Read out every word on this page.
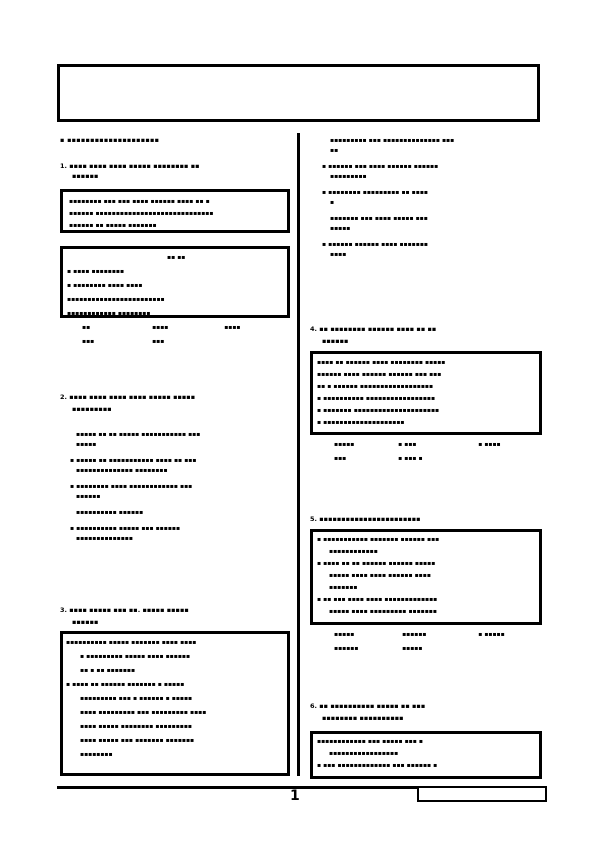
1
▪ ▪▪▪▪▪▪▪▪▪▪▪▪▪▪▪▪▪▪▪▪
1. ▪▪▪▪ ▪▪▪▪ ▪▪▪▪ ▪▪▪▪▪ ▪▪▪▪▪▪▪▪ ▪▪
▪▪▪▪▪▪
▪▪▪▪▪▪▪▪ ▪▪▪ ▪▪▪ ▪▪▪▪ ▪▪▪▪▪▪ ▪▪▪▪ ▪▪ ▪
▪▪▪▪▪▪ ▪▪▪▪▪▪▪▪▪▪▪▪▪▪▪▪▪▪▪▪▪▪▪▪▪▪▪▪▪
▪▪▪▪▪▪ ▪▪ ▪▪▪▪▪ ▪▪▪▪▪▪▪
▪▪ ▪▪
▪ ▪▪▪▪ ▪▪▪▪▪▪▪▪
▪ ▪▪▪▪▪▪▪▪ ▪▪▪▪ ▪▪▪▪
▪▪▪▪▪▪▪▪▪▪▪▪▪▪▪▪▪▪▪▪▪▪▪▪
▪▪▪▪▪▪▪▪▪▪▪▪ ▪▪▪▪▪▪▪▪
▪▪	▪▪▪▪	▪▪▪▪
▪▪▪	▪▪▪
2. ▪▪▪▪ ▪▪▪▪ ▪▪▪▪ ▪▪▪▪ ▪▪▪▪▪ ▪▪▪▪▪
▪▪▪▪▪▪▪▪▪
▪▪▪▪▪ ▪▪ ▪▪ ▪▪▪▪▪ ▪▪▪▪▪▪▪▪▪▪▪ ▪▪▪
▪▪▪▪▪
▪ ▪▪▪▪▪ ▪▪ ▪▪▪▪▪▪▪▪▪▪▪ ▪▪▪▪ ▪▪ ▪▪▪
▪▪▪▪▪▪▪▪▪▪▪▪▪▪ ▪▪▪▪▪▪▪▪
▪ ▪▪▪▪▪▪▪▪ ▪▪▪▪ ▪▪▪▪▪▪▪▪▪▪▪▪ ▪▪▪
▪▪▪▪▪▪
▪▪▪▪▪▪▪▪▪▪ ▪▪▪▪▪▪
▪ ▪▪▪▪▪▪▪▪▪▪ ▪▪▪▪▪ ▪▪▪ ▪▪▪▪▪▪
▪▪▪▪▪▪▪▪▪▪▪▪▪▪
3. ▪▪▪▪ ▪▪▪▪▪ ▪▪▪ ▪▪. ▪▪▪▪▪ ▪▪▪▪▪
▪▪▪▪▪▪
▪▪▪▪▪▪▪▪▪▪ ▪▪▪▪▪ ▪▪▪▪▪▪▪ ▪▪▪▪ ▪▪▪▪
▪ ▪▪▪▪▪▪▪▪▪ ▪▪▪▪▪ ▪▪▪▪ ▪▪▪▪▪▪
▪▪ ▪ ▪▪ ▪▪▪▪▪▪▪
▪ ▪▪▪▪ ▪▪ ▪▪▪▪▪▪ ▪▪▪▪▪▪▪ ▪ ▪▪▪▪▪
▪▪▪▪▪▪▪▪▪ ▪▪▪ ▪ ▪▪▪▪▪▪ ▪ ▪▪▪▪▪
▪▪▪▪ ▪▪▪▪▪▪▪▪▪ ▪▪▪ ▪▪▪▪▪▪▪▪▪ ▪▪▪▪
▪▪▪▪ ▪▪▪▪▪ ▪▪▪▪▪▪▪▪ ▪▪▪▪▪▪▪▪▪
▪▪▪▪ ▪▪▪▪▪ ▪▪▪ ▪▪▪▪▪▪▪ ▪▪▪▪▪▪▪
▪▪▪▪▪▪▪▪
▪▪▪▪▪▪▪▪▪ ▪▪▪ ▪▪▪▪▪▪▪▪▪▪▪▪▪▪ ▪▪▪
▪▪
▪ ▪▪▪▪▪▪ ▪▪▪ ▪▪▪▪ ▪▪▪▪▪▪ ▪▪▪▪▪▪
▪▪▪▪▪▪▪▪▪
▪ ▪▪▪▪▪▪▪▪ ▪▪▪▪▪▪▪▪▪ ▪▪ ▪▪▪▪
▪
▪▪▪▪▪▪▪ ▪▪▪ ▪▪▪▪ ▪▪▪▪▪ ▪▪▪
▪▪▪▪▪
▪ ▪▪▪▪▪▪ ▪▪▪▪▪▪ ▪▪▪▪ ▪▪▪▪▪▪▪
▪▪▪▪
4. ▪▪ ▪▪▪▪▪▪▪▪ ▪▪▪▪▪▪ ▪▪▪▪ ▪▪ ▪▪
▪▪▪▪▪▪
▪▪▪▪ ▪▪ ▪▪▪▪▪▪ ▪▪▪▪ ▪▪▪▪▪▪▪▪ ▪▪▪▪▪
▪▪▪▪▪▪ ▪▪▪▪ ▪▪▪▪▪▪ ▪▪▪▪▪▪ ▪▪▪ ▪▪▪
▪▪ ▪ ▪▪▪▪▪▪ ▪▪▪▪▪▪▪▪▪▪▪▪▪▪▪▪▪▪
▪ ▪▪▪▪▪▪▪▪▪▪ ▪▪▪▪▪▪▪▪▪▪▪▪▪▪▪▪▪
▪ ▪▪▪▪▪▪▪ ▪▪▪▪▪▪▪▪▪▪▪▪▪▪▪▪▪▪▪▪▪
▪ ▪▪▪▪▪▪▪▪▪▪▪▪▪▪▪▪▪▪▪▪
▪▪▪▪▪	▪ ▪▪▪	▪ ▪▪▪▪
▪▪▪	▪ ▪▪▪ ▪
5. ▪▪▪▪▪▪▪▪▪▪▪▪▪▪▪▪▪▪▪▪▪▪▪
▪ ▪▪▪▪▪▪▪▪▪▪▪ ▪▪▪▪▪▪▪ ▪▪▪▪▪▪ ▪▪▪
▪▪▪▪▪▪▪▪▪▪▪▪
▪ ▪▪▪▪ ▪▪ ▪▪ ▪▪▪▪▪▪ ▪▪▪▪▪▪ ▪▪▪▪▪
▪▪▪▪▪ ▪▪▪▪ ▪▪▪▪ ▪▪▪▪▪▪ ▪▪▪▪
▪▪▪▪▪▪▪
▪ ▪▪ ▪▪▪ ▪▪▪▪ ▪▪▪▪ ▪▪▪▪▪▪▪▪▪▪▪▪▪
▪▪▪▪▪ ▪▪▪▪ ▪▪▪▪▪▪▪▪▪ ▪▪▪▪▪▪▪
▪▪▪▪▪	▪▪▪▪▪▪	▪ ▪▪▪▪▪
▪▪▪▪▪▪	▪▪▪▪▪
6. ▪▪ ▪▪▪▪▪▪▪▪▪▪ ▪▪▪▪▪ ▪▪ ▪▪▪
▪▪▪▪▪▪▪▪ ▪▪▪▪▪▪▪▪▪▪
▪▪▪▪▪▪▪▪▪▪▪▪ ▪▪▪ ▪▪▪▪▪ ▪▪▪ ▪
▪▪▪▪▪▪▪▪▪▪▪▪▪▪▪▪▪
▪ ▪▪▪ ▪▪▪▪▪▪▪▪▪▪▪▪▪ ▪▪▪ ▪▪▪▪▪▪ ▪
